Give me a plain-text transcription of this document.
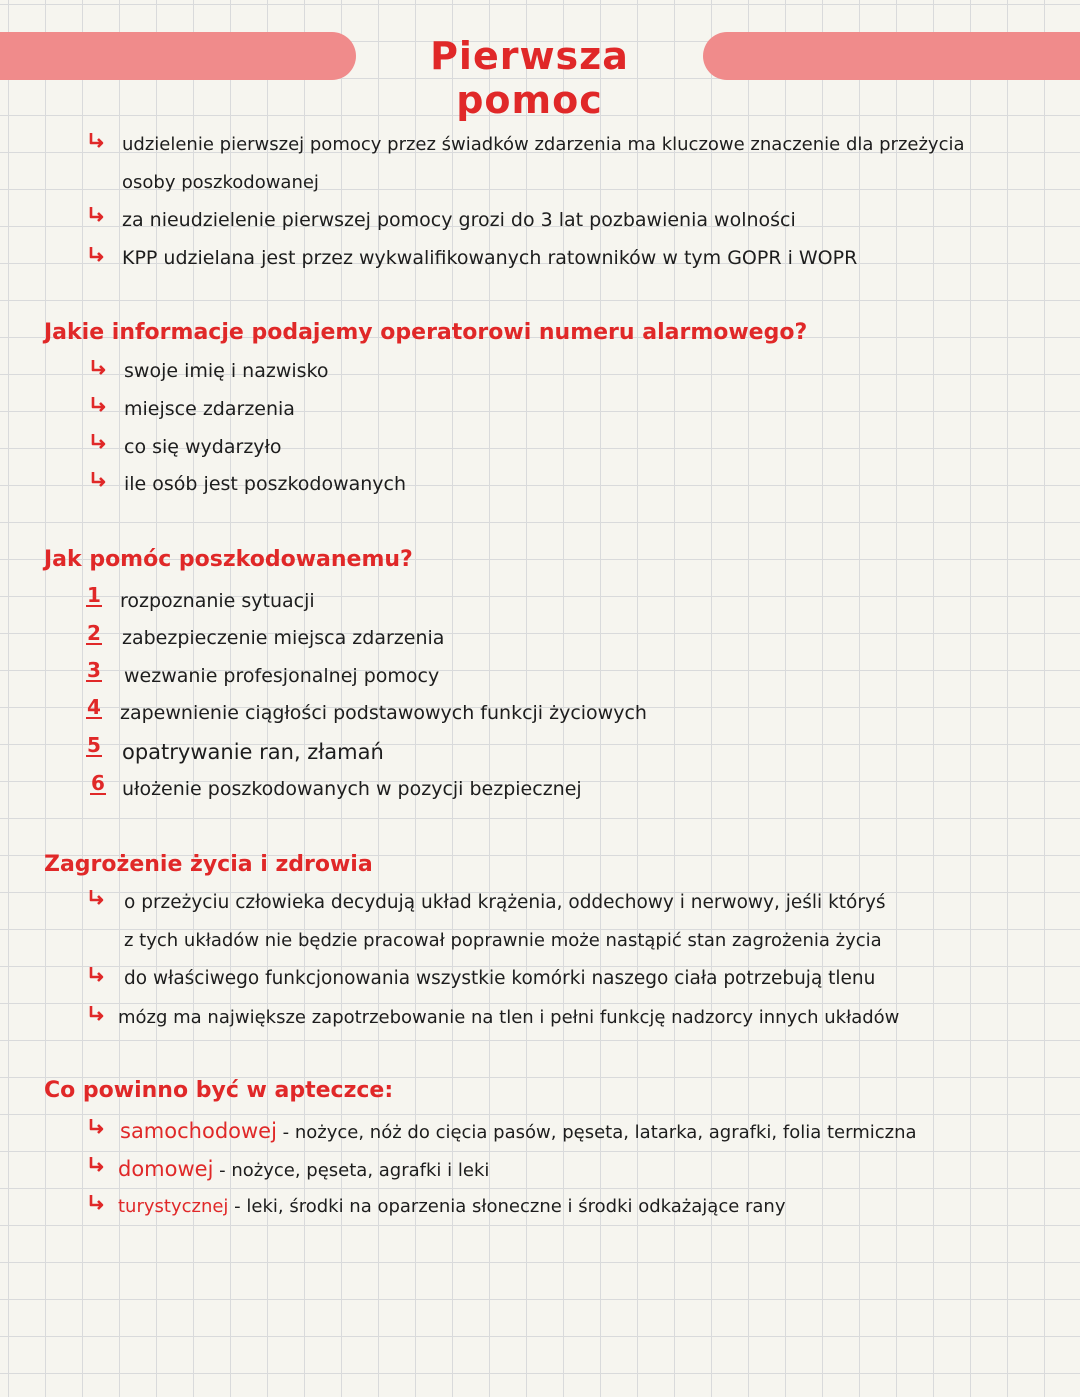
Pierwsza pomoc
udzielenie pierwszej pomocy przez świadków zdarzenia ma kluczowe znaczenie dla przeżycia
osoby poszkodowanej
za nieudzielenie pierwszej pomocy grozi do 3 lat pozbawienia wolności
KPP udzielana jest przez wykwalifikowanych ratowników w tym GOPR i WOPR
Jakie informacje podajemy operatorowi numeru alarmowego?
swoje imię i nazwisko
miejsce zdarzenia
co się wydarzyło
ile osób jest poszkodowanych
Jak pomóc poszkodowanemu?
1 rozpoznanie sytuacji
2 zabezpieczenie miejsca zdarzenia
3 wezwanie profesjonalnej pomocy
4 zapewnienie ciągłości podstawowych funkcji życiowych
5 opatrywanie ran, złamań
6 ułożenie poszkodowanych w pozycji bezpiecznej
Zagrożenie życia i zdrowia
o przeżyciu człowieka decydują układ krążenia, oddechowy i nerwowy, jeśli któryś
z tych układów nie będzie pracował poprawnie może nastąpić stan zagrożenia życia
do właściwego funkcjonowania wszystkie komórki naszego ciała potrzebują tlenu
mózg ma największe zapotrzebowanie na tlen i pełni funkcję nadzorcy innych układów
Co powinno być w apteczce:
samochodowej - nożyce, nóż do cięcia pasów, pęseta, latarka, agrafki, folia termiczna
domowej - nożyce, pęseta, agrafki i leki
turystycznej - leki, środki na oparzenia słoneczne i środki odkażające rany
